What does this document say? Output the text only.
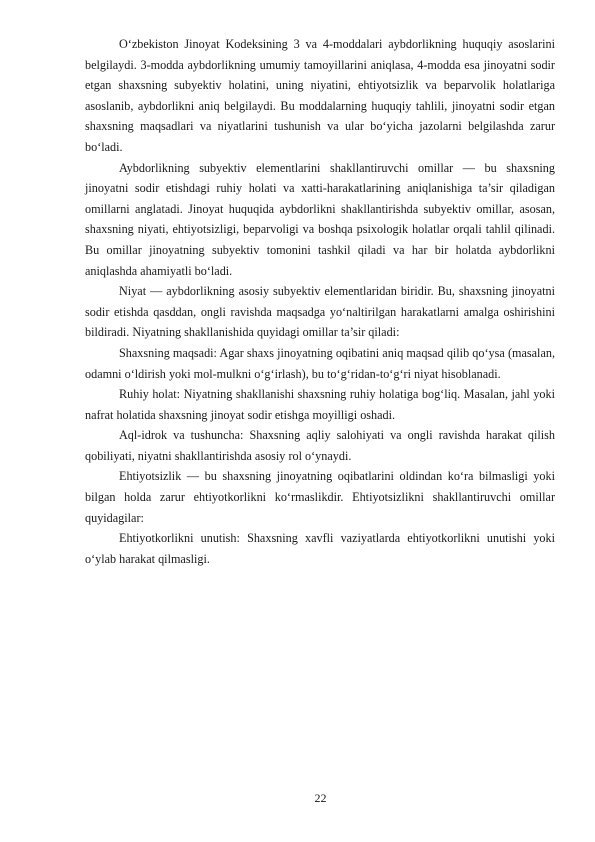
O‘zbekiston Jinoyat Kodeksining 3 va 4-moddalari aybdorlikning huquqiy asoslarini belgilaydi. 3-modda aybdorlikning umumiy tamoyillarini aniqlasa, 4-modda esa jinoyatni sodir etgan shaxsning subyektiv holatini, uning niyatini, ehtiyotsizlik va beparvolik holatlariga asoslanib, aybdorlikni aniq belgilaydi. Bu moddalarning huquqiy tahlili, jinoyatni sodir etgan shaxsning maqsadlari va niyatlarini tushunish va ular bo‘yicha jazolarni belgilashda zarur bo‘ladi.

Aybdorlikning subyektiv elementlarini shakllantiruvchi omillar — bu shaxsning jinoyatni sodir etishdagi ruhiy holati va xatti-harakatlarining aniqlanishiga ta’sir qiladigan omillarni anglatadi. Jinoyat huquqida aybdorlikni shakllantirishda subyektiv omillar, asosan, shaxsning niyati, ehtiyotsizligi, beparvoligi va boshqa psixologik holatlar orqali tahlil qilinadi. Bu omillar jinoyatning subyektiv tomonini tashkil qiladi va har bir holatda aybdorlikni aniqlashda ahamiyatli bo‘ladi.

Niyat — aybdorlikning asosiy subyektiv elementlaridan biridir. Bu, shaxsning jinoyatni sodir etishda qasddan, ongli ravishda maqsadga yo‘naltirilgan harakatlarni amalga oshirishini bildiradi. Niyatning shakllanishida quyidagi omillar ta’sir qiladi:

Shaxsning maqsadi: Agar shaxs jinoyatning oqibatini aniq maqsad qilib qo‘ysa (masalan, odamni o‘ldirish yoki mol-mulkni o‘g‘irlash), bu to‘g‘ridan-to‘g‘ri niyat hisoblanadi.

Ruhiy holat: Niyatning shakllanishi shaxsning ruhiy holatiga bog‘liq. Masalan, jahl yoki nafrat holatida shaxsning jinoyat sodir etishga moyilligi oshadi.

Aql-idrok va tushuncha: Shaxsning aqliy salohiyati va ongli ravishda harakat qilish qobiliyati, niyatni shakllantirishda asosiy rol o‘ynaydi.

Ehtiyotsizlik — bu shaxsning jinoyatning oqibatlarini oldindan ko‘ra bilmasligi yoki bilgan holda zarur ehtiyotkorlikni ko‘rmaslikdir. Ehtiyotsizlikni shakllantiruvchi omillar quyidagilar:

Ehtiyotkorlikni unutish: Shaxsning xavfli vaziyatlarda ehtiyotkorlikni unutishi yoki o‘ylab harakat qilmasligi.

22
